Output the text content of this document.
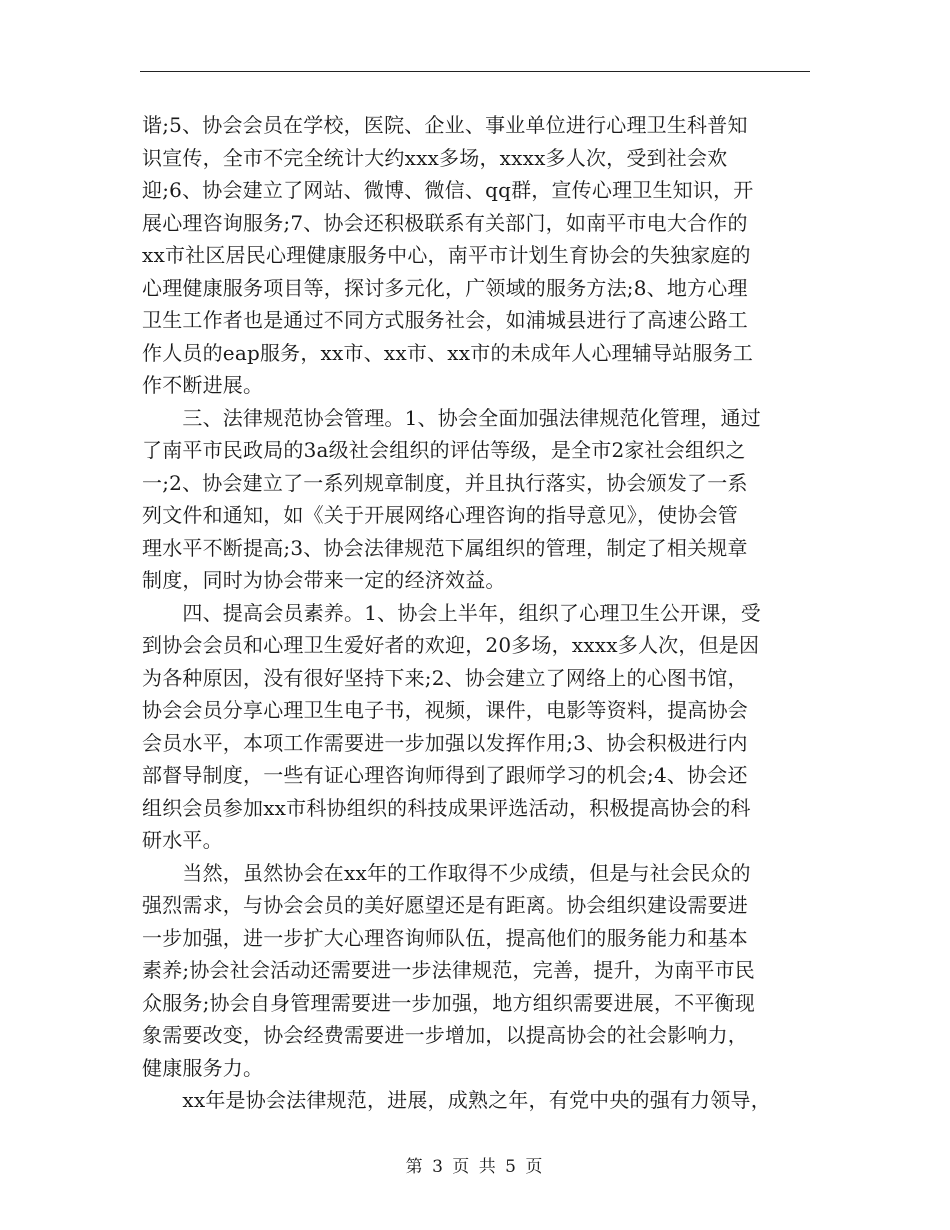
谐;5、协会会员在学校，医院、企业、事业单位进行心理卫生科普知
识宣传，全市不完全统计大约xxx多场，xxxx多人次，受到社会欢
迎;6、协会建立了网站、微博、微信、qq群，宣传心理卫生知识，开
展心理咨询服务;7、协会还积极联系有关部门，如南平市电大合作的
xx市社区居民心理健康服务中心，南平市计划生育协会的失独家庭的
心理健康服务项目等，探讨多元化，广领域的服务方法;8、地方心理
卫生工作者也是通过不同方式服务社会，如浦城县进行了高速公路工
作人员的eap服务，xx市、xx市、xx市的未成年人心理辅导站服务工
作不断进展。
　　三、法律规范协会管理。1、协会全面加强法律规范化管理，通过
了南平市民政局的3a级社会组织的评估等级，是全市2家社会组织之
一;2、协会建立了一系列规章制度，并且执行落实，协会颁发了一系
列文件和通知，如《关于开展网络心理咨询的指导意见》，使协会管
理水平不断提高;3、协会法律规范下属组织的管理，制定了相关规章
制度，同时为协会带来一定的经济效益。
　　四、提高会员素养。1、协会上半年，组织了心理卫生公开课，受
到协会会员和心理卫生爱好者的欢迎，20多场，xxxx多人次，但是因
为各种原因，没有很好坚持下来;2、协会建立了网络上的心图书馆，
协会会员分享心理卫生电子书，视频，课件，电影等资料，提高协会
会员水平，本项工作需要进一步加强以发挥作用;3、协会积极进行内
部督导制度，一些有证心理咨询师得到了跟师学习的机会;4、协会还
组织会员参加xx市科协组织的科技成果评选活动，积极提高协会的科
研水平。
　　当然，虽然协会在xx年的工作取得不少成绩，但是与社会民众的
强烈需求，与协会会员的美好愿望还是有距离。协会组织建设需要进
一步加强，进一步扩大心理咨询师队伍，提高他们的服务能力和基本
素养;协会社会活动还需要进一步法律规范，完善，提升，为南平市民
众服务;协会自身管理需要进一步加强，地方组织需要进展，不平衡现
象需要改变，协会经费需要进一步增加，以提高协会的社会影响力，
健康服务力。
　　xx年是协会法律规范，进展，成熟之年，有党中央的强有力领导，
第 3 页 共 5 页
